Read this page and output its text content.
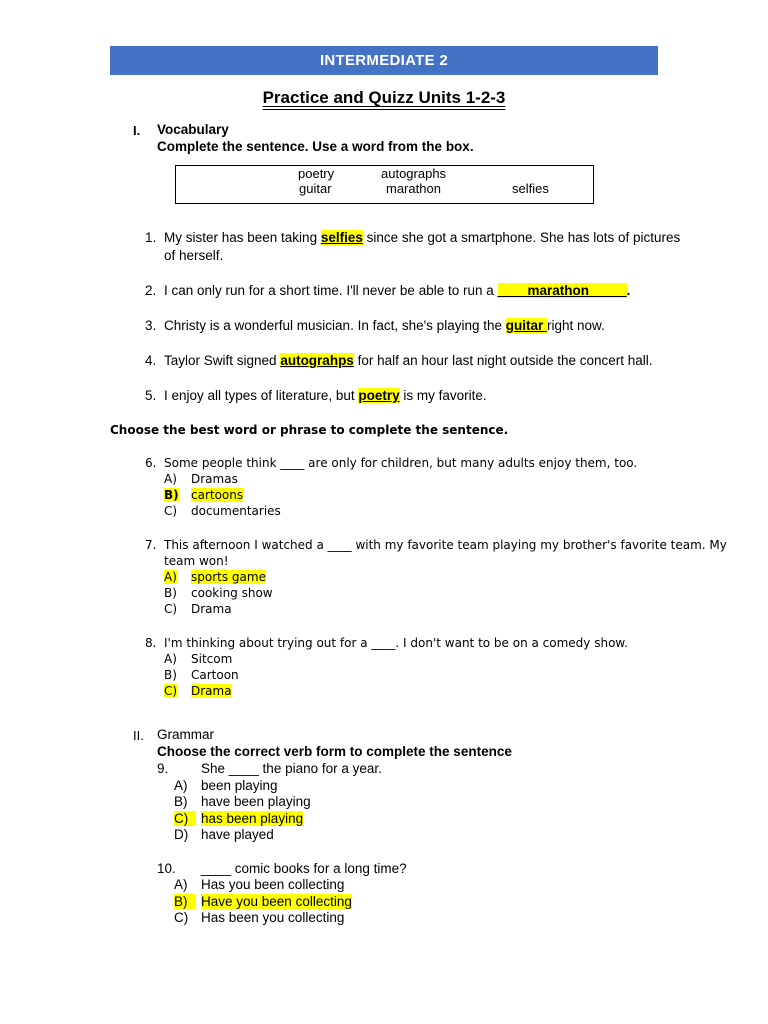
INTERMEDIATE 2
Practice and Quizz Units 1-2-3
I. Vocabulary
Complete the sentence. Use a word from the box.
poetry	autographs
guitar	marathon	selfies
1. My sister has been taking selfies since she got a smartphone. She has lots of pictures
of herself.
2. I can only run for a short time. I'll never be able to run a ____marathon_____.
3. Christy is a wonderful musician. In fact, she's playing the guitar right now.
4. Taylor Swift signed autograhps for half an hour last night outside the concert hall.
5. I enjoy all types of literature, but poetry is my favorite.
Choose the best word or phrase to complete the sentence.
6. Some people think ____ are only for children, but many adults enjoy them, too.
A) Dramas
B) cartoons
C) documentaries
7. This afternoon I watched a ____ with my favorite team playing my brother's favorite team. My
team won!
A) sports game
B) cooking show
C) Drama
8. I'm thinking about trying out for a ____. I don't want to be on a comedy show.
A) Sitcom
B) Cartoon
C) Drama
II. Grammar
Choose the correct verb form to complete the sentence
9. She ____ the piano for a year.
A) been playing
B) have been playing
C) has been playing
D) have played
10. ____ comic books for a long time?
A) Has you been collecting
B)	Have you been collecting
C) Has been you collecting
